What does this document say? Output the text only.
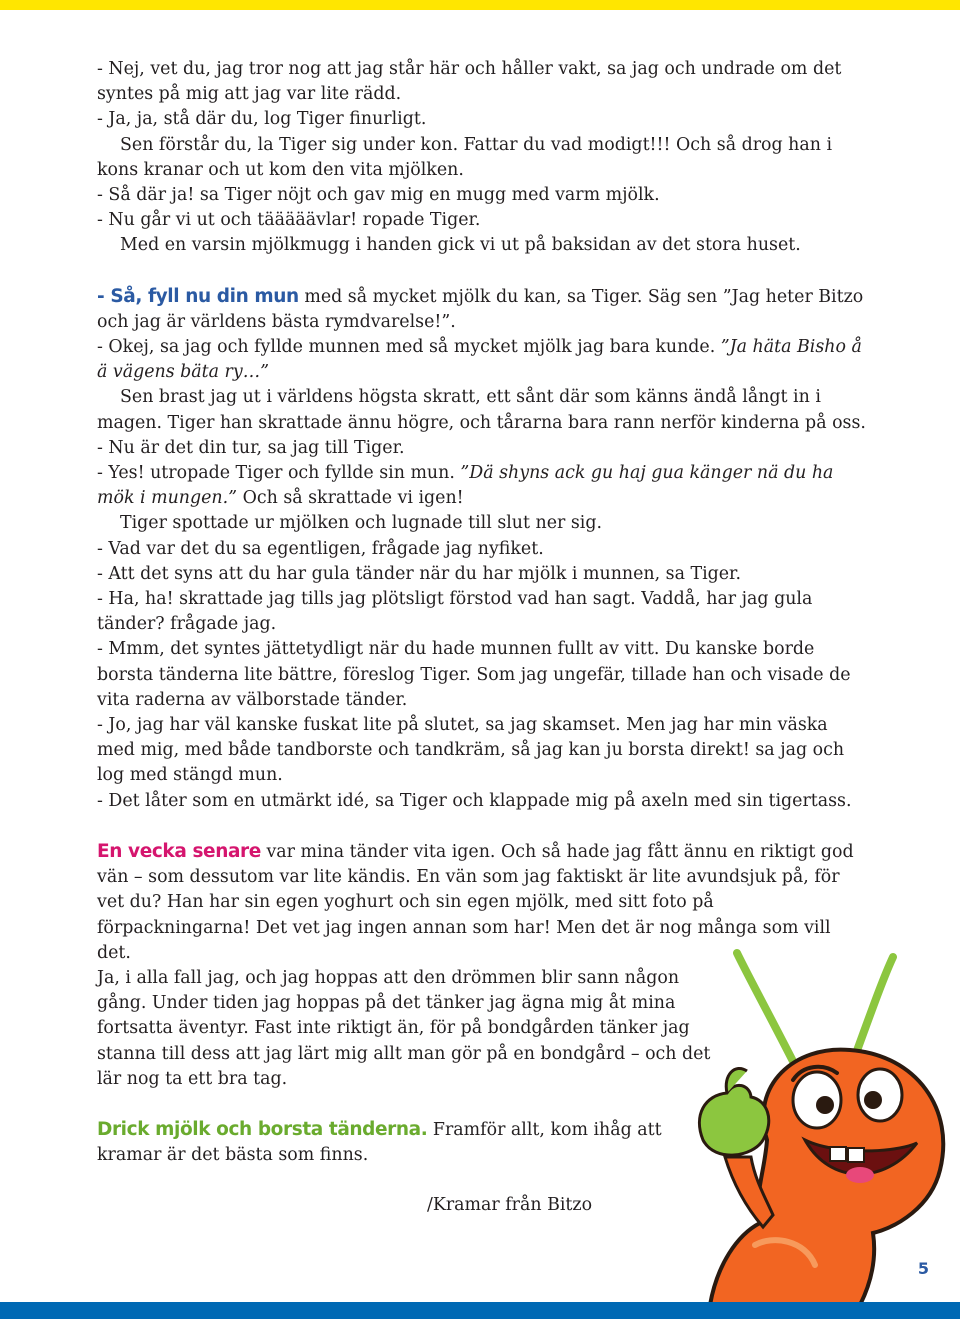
- Nej, vet du, jag tror nog att jag står här och håller vakt, sa jag och undrade om det syntes på mig att jag var lite rädd.

- Ja, ja, stå där du, log Tiger finurligt.

Sen förstår du, la Tiger sig under kon. Fattar du vad modigt!!! Och så drog han i kons kranar och ut kom den vita mjölken.

- Så där ja! sa Tiger nöjt och gav mig en mugg med varm mjölk.

- Nu går vi ut och tääääävlar! ropade Tiger.

Med en varsin mjölkmugg i handen gick vi ut på baksidan av det stora huset.

- Så, fyll nu din mun med så mycket mjölk du kan, sa Tiger. Säg sen ”Jag heter Bitzo och jag är världens bästa rymdvarelse!”.

- Okej, sa jag och fyllde munnen med så mycket mjölk jag bara kunde. ”Ja häta Bisho å ä vägens bäta ry…”

Sen brast jag ut i världens högsta skratt, ett sånt där som känns ändå långt in i magen. Tiger han skrattade ännu högre, och tårarna bara rann nerför kinderna på oss.

- Nu är det din tur, sa jag till Tiger.

- Yes! utropade Tiger och fyllde sin mun. ”Dä shyns ack gu haj gua känger nä du ha mök i mungen.” Och så skrattade vi igen!

Tiger spottade ur mjölken och lugnade till slut ner sig.

- Vad var det du sa egentligen, frågade jag nyfiket.

- Att det syns att du har gula tänder när du har mjölk i munnen, sa Tiger.

- Ha, ha! skrattade jag tills jag plötsligt förstod vad han sagt. Vaddå, har jag gula tänder? frågade jag.

- Mmm, det syntes jättetydligt när du hade munnen fullt av vitt. Du kanske borde borsta tänderna lite bättre, föreslog Tiger. Som jag ungefär, tillade han och visade de vita raderna av välborstade tänder.

- Jo, jag har väl kanske fuskat lite på slutet, sa jag skamset. Men jag har min väska med mig, med både tandborste och tandkräm, så jag kan ju borsta direkt! sa jag och log med stängd mun.

- Det låter som en utmärkt idé, sa Tiger och klappade mig på axeln med sin tigertass.

En vecka senare var mina tänder vita igen. Och så hade jag fått ännu en riktigt god vän – som dessutom var lite kändis. En vän som jag faktiskt är lite avundsjuk på, för vet du? Han har sin egen yoghurt och sin egen mjölk, med sitt foto på förpackningarna! Det vet jag ingen annan som har! Men det är nog många som vill det.

Ja, i alla fall jag, och jag hoppas att den drömmen blir sann någon gång. Under tiden jag hoppas på det tänker jag ägna mig åt mina fortsatta äventyr. Fast inte riktigt än, för på bondgården tänker jag stanna till dess att jag lärt mig allt man gör på en bondgård – och det lär nog ta ett bra tag.

Drick mjölk och borsta tänderna. Framför allt, kom ihåg att kramar är det bästa som finns.

/Kramar från Bitzo

5
